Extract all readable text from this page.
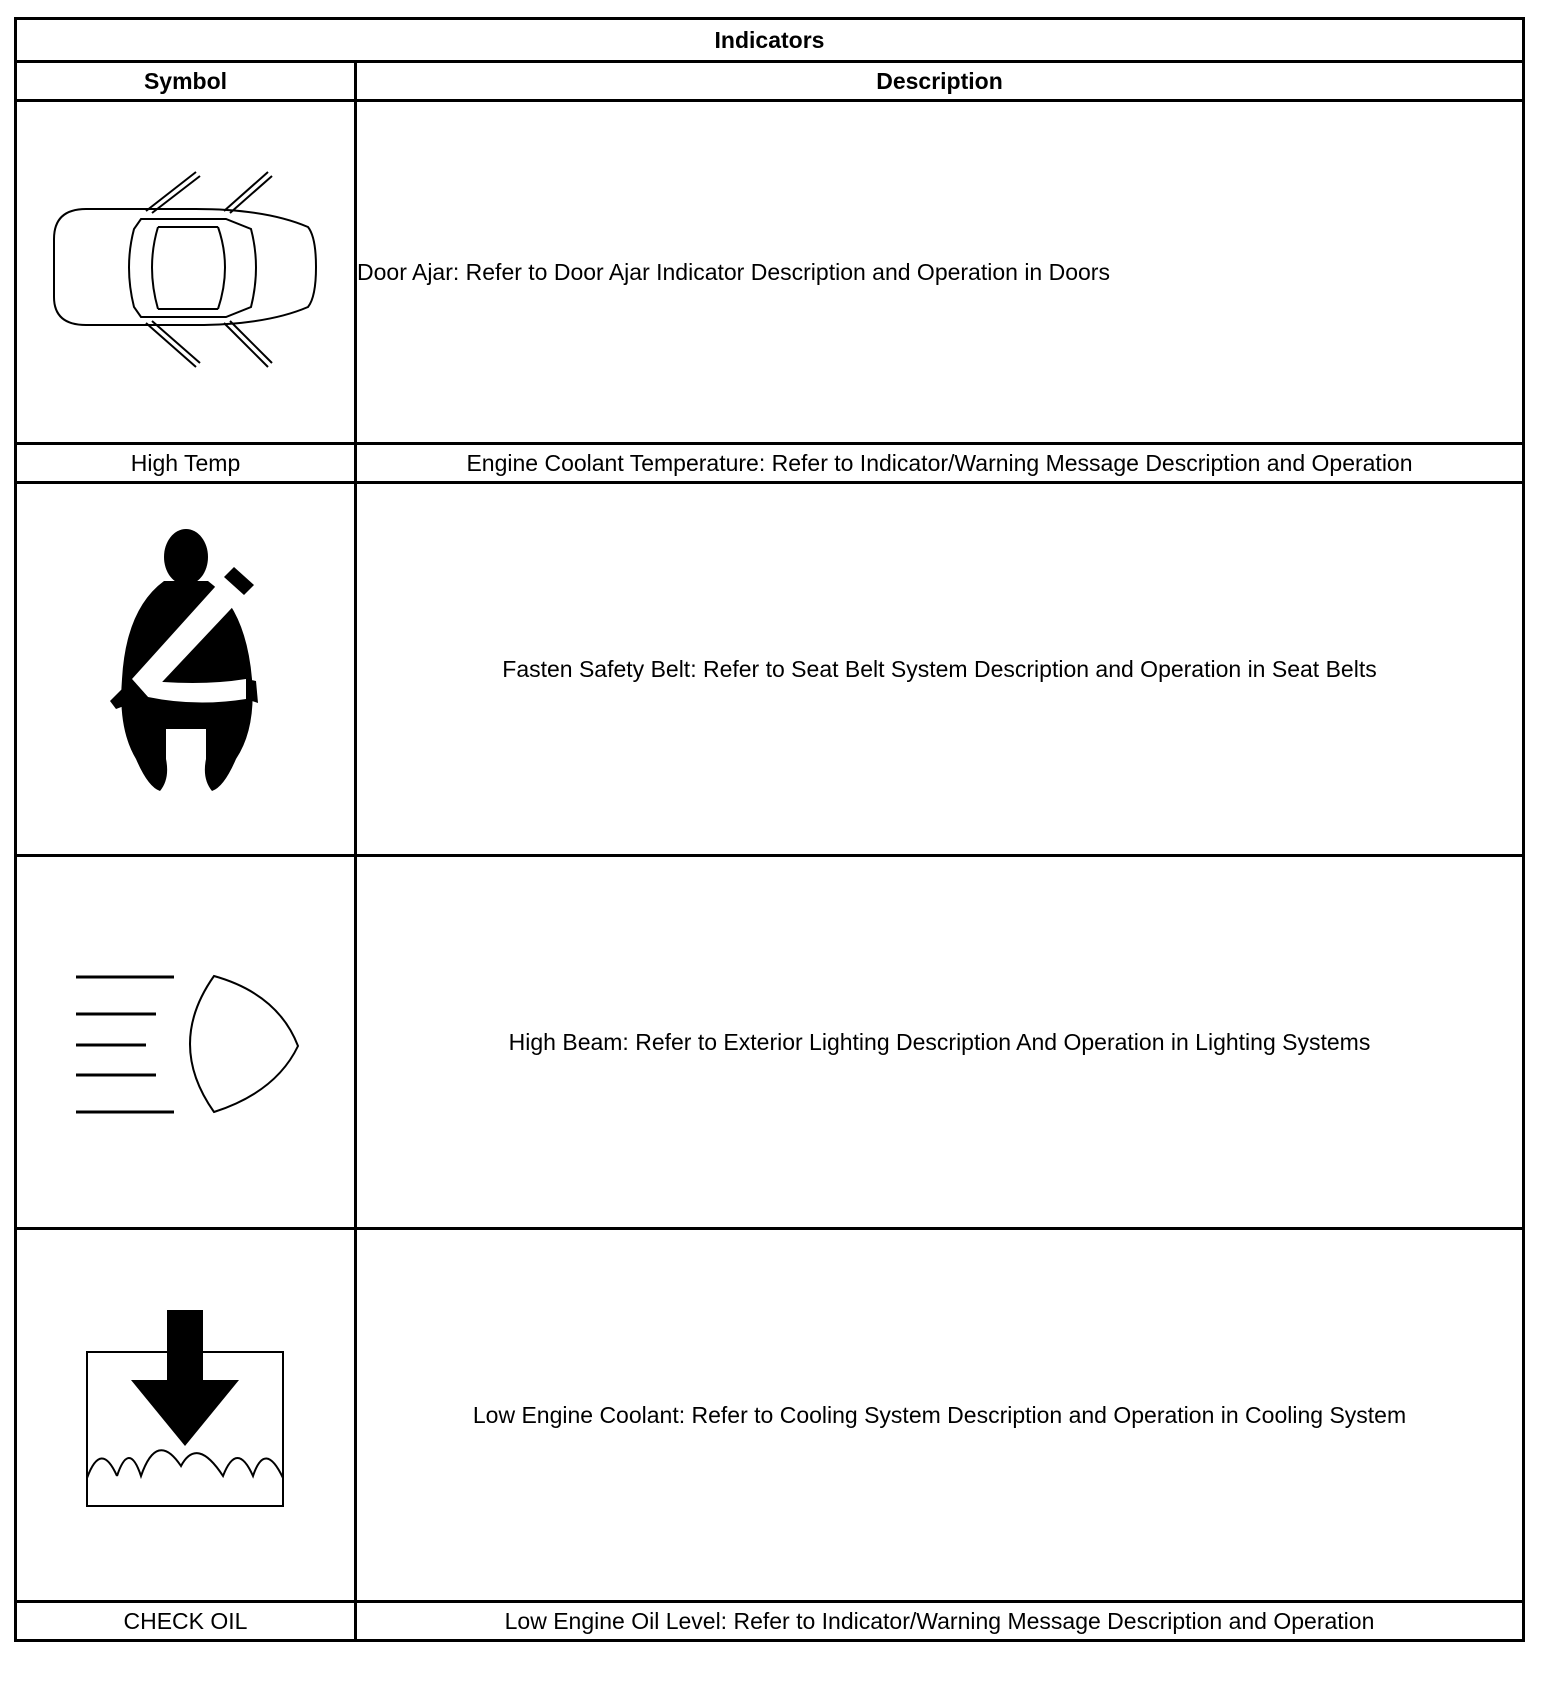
Indicators	
Symbol	Description

	Door Ajar: Refer to Door Ajar Indicator Description and Operation in Doors
High Temp	Engine Coolant Temperature: Refer to Indicator/Warning Message Description and Operation

	Fasten Safety Belt: Refer to Seat Belt System Description and Operation in Seat Belts

	High Beam: Refer to Exterior Lighting Description And Operation in Lighting Systems

	Low Engine Coolant: Refer to Cooling System Description and Operation in Cooling System
CHECK OIL	Low Engine Oil Level: Refer to Indicator/Warning Message Description and Operation
